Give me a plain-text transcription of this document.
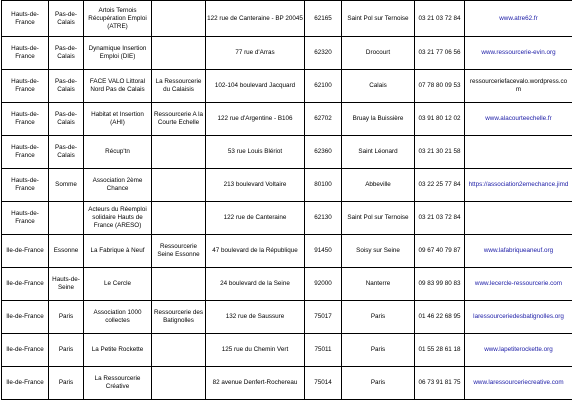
Hauts-de-
France	Pas-de-
Calais	Artois Ternois
Récupération Emploi
(ATRE)		122 rue de Canteraine - BP 20045	62165	Saint Pol sur Ternoise	03 21 03 72 84	www.atre62.fr
Hauts-de-
France	Pas-de-
Calais	Dynamique Insertion
Emploi (DIE)		77 rue d'Arras	62320	Drocourt	03 21 77 06 56	www.ressourcerie-evin.org
Hauts-de-
France	Pas-de-
Calais	FACE VALO Littoral
Nord Pas de Calais	La Ressourcerie
du Calaisis	102-104 boulevard Jacquard	62100	Calais	07 78 80 09 53	ressourceriefacevalo.wordpress.co
m
Hauts-de-
France	Pas-de-
Calais	Habitat et Insertion
(AHI)	Ressourcerie A la
Courte Echelle	122 rue d'Argentine - B106	62702	Bruay la Buissière	03 91 80 12 02	www.alacourteechelle.fr
Hauts-de-
France	Pas-de-
Calais	Récup'tn		53 rue Louis Blériot	62360	Saint Léonard	03 21 30 21 58	
Hauts-de-
France	Somme	Association 2ème
Chance		213 boulevard Voltaire	80100	Abbeville	03 22 25 77 84	https://association2emechance.jimd
Hauts-de-
France		Acteurs du Réemploi
solidaire Hauts de
France (ARESO)		122 rue de Canteraine	62130	Saint Pol sur Ternoise	03 21 03 72 84	
Ile-de-France	Essonne	La Fabrique à Neuf	Ressourcerie
Seine Essonne	47 boulevard de la République	91450	Soisy sur Seine	09 67 40 79 87	www.lafabriqueaneuf.org
Ile-de-France	Hauts-de-
Seine	Le Cercle		24 boulevard de la Seine	92000	Nanterre	09 83 99 80 83	www.lecercle-ressourcerie.com
Ile-de-France	Paris	Association 1000
collectes	Ressourcerie des
Batignolles	132 rue de Saussure	75017	Paris	01 46 22 68 95	laressourceriedesbatignolles.org
Ile-de-France	Paris	La Petite Rockette		125 rue du Chemin Vert	75011	Paris	01 55 28 61 18	www.lapetiterockette.org
Ile-de-France	Paris	La Ressourcerie
Créative		82 avenue Denfert-Rochereau	75014	Paris	06 73 91 81 75	www.laressourceriecreative.com
